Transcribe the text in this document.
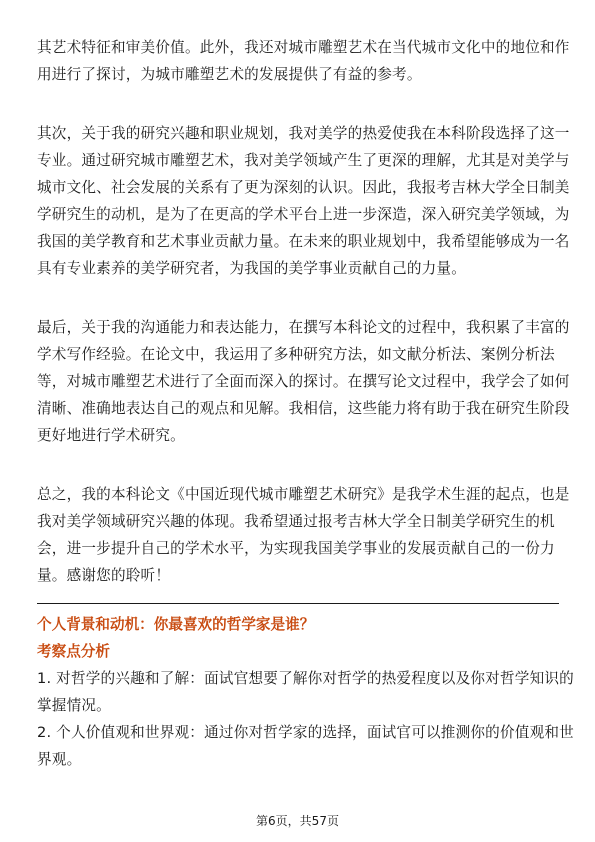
其艺术特征和审美价值。此外，我还对城市雕塑艺术在当代城市文化中的地位和作
用进行了探讨，为城市雕塑艺术的发展提供了有益的参考。
其次，关于我的研究兴趣和职业规划，我对美学的热爱使我在本科阶段选择了这一
专业。通过研究城市雕塑艺术，我对美学领域产生了更深的理解，尤其是对美学与
城市文化、社会发展的关系有了更为深刻的认识。因此，我报考吉林大学全日制美
学研究生的动机，是为了在更高的学术平台上进一步深造，深入研究美学领域，为
我国的美学教育和艺术事业贡献力量。在未来的职业规划中，我希望能够成为一名
具有专业素养的美学研究者，为我国的美学事业贡献自己的力量。
最后，关于我的沟通能力和表达能力，在撰写本科论文的过程中，我积累了丰富的
学术写作经验。在论文中，我运用了多种研究方法，如文献分析法、案例分析法
等，对城市雕塑艺术进行了全面而深入的探讨。在撰写论文过程中，我学会了如何
清晰、准确地表达自己的观点和见解。我相信，这些能力将有助于我在研究生阶段
更好地进行学术研究。
总之，我的本科论文《中国近现代城市雕塑艺术研究》是我学术生涯的起点，也是
我对美学领域研究兴趣的体现。我希望通过报考吉林大学全日制美学研究生的机
会，进一步提升自己的学术水平，为实现我国美学事业的发展贡献自己的一份力
量。感谢您的聆听！
个人背景和动机：你最喜欢的哲学家是谁？
考察点分析
1. 对哲学的兴趣和了解：面试官想要了解你对哲学的热爱程度以及你对哲学知识的
掌握情况。
2. 个人价值观和世界观：通过你对哲学家的选择，面试官可以推测你的价值观和世
界观。
第6页，共57页
